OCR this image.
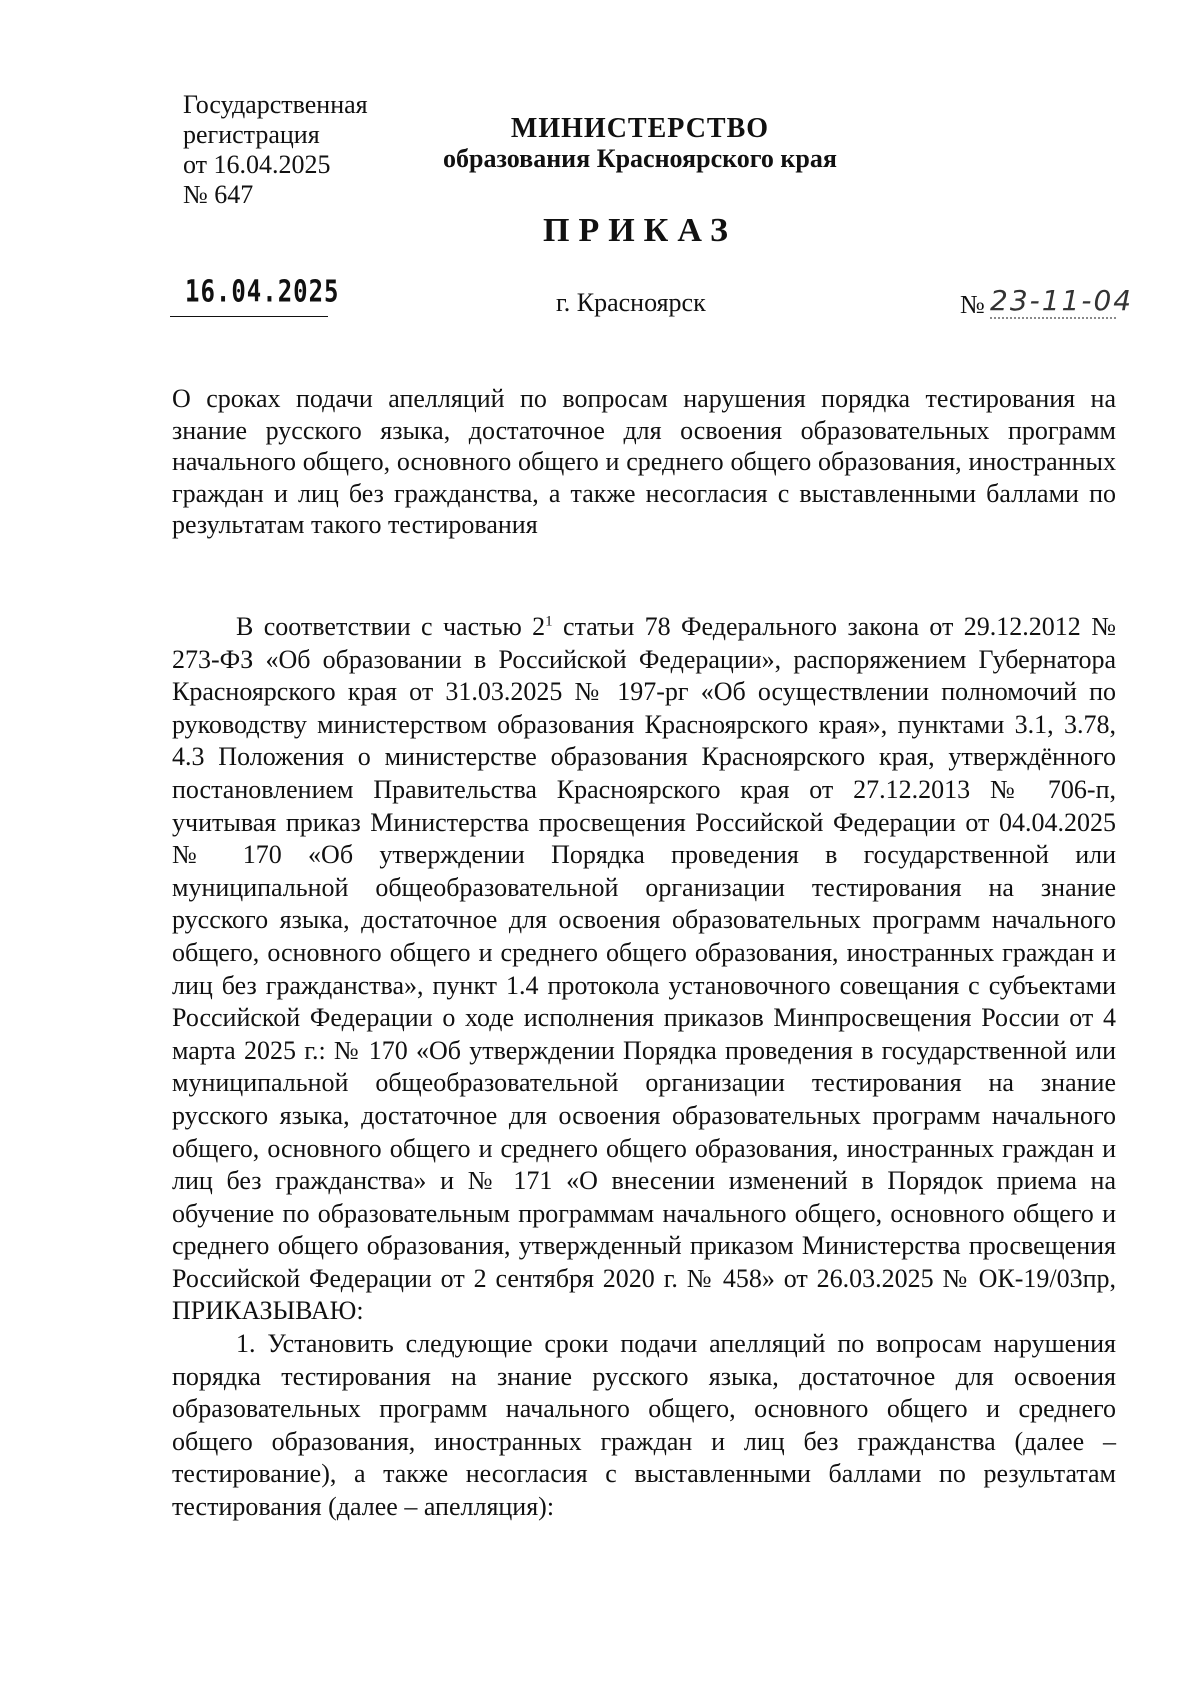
Государственная
регистрация
от 16.04.2025
№ 647
МИНИСТЕРСТВО
образования Красноярского края
ПРИКАЗ
16.04.2025	г. Красноярск	№ 23-11-04
О сроках подачи апелляций по вопросам нарушения порядка тестирования на знание русского языка, достаточное для освоения образовательных программ начального общего, основного общего и среднего общего образования, иностранных граждан и лиц без гражданства, а также несогласия с выставленными баллами по результатам такого тестирования

В соответствии с частью $2^1$ статьи 78 Федерального закона от 29.12.2012 № 273-ФЗ «Об образовании в Российской Федерации», распоряжением Губернатора Красноярского края от 31.03.2025 № 197-рг «Об осуществлении полномочий по руководству министерством образования Красноярского края», пунктами 3.1, 3.78, 4.3 Положения о министерстве образования Красноярского края, утверждённого постановлением Правительства Красноярского края от 27.12.2013 № 706-п, учитывая приказ Министерства просвещения Российской Федерации от 04.04.2025 № 170 «Об утверждении Порядка проведения в государственной или муниципальной общеобразовательной организации тестирования на знание русского языка, достаточное для освоения образовательных программ начального общего, основного общего и среднего общего образования, иностранных граждан и лиц без гражданства», пункт 1.4 протокола установочного совещания с субъектами Российской Федерации о ходе исполнения приказов Минпросвещения России от 4 марта 2025 г.: № 170 «Об утверждении Порядка проведения в государственной или муниципальной общеобразовательной организации тестирования на знание русского языка, достаточное для освоения образовательных программ начального общего, основного общего и среднего общего образования, иностранных граждан и лиц без гражданства» и № 171 «О внесении изменений в Порядок приема на обучение по образовательным программам начального общего, основного общего и среднего общего образования, утвержденный приказом Министерства просвещения Российской Федерации от 2 сентября 2020 г. № 458» от 26.03.2025 № ОК-19/03пр, ПРИКАЗЫВАЮ:

1. Установить следующие сроки подачи апелляций по вопросам нарушения порядка тестирования на знание русского языка, достаточное для освоения образовательных программ начального общего, основного общего и среднего общего образования, иностранных граждан и лиц без гражданства (далее – тестирование), а также несогласия с выставленными баллами по результатам тестирования (далее – апелляция):
